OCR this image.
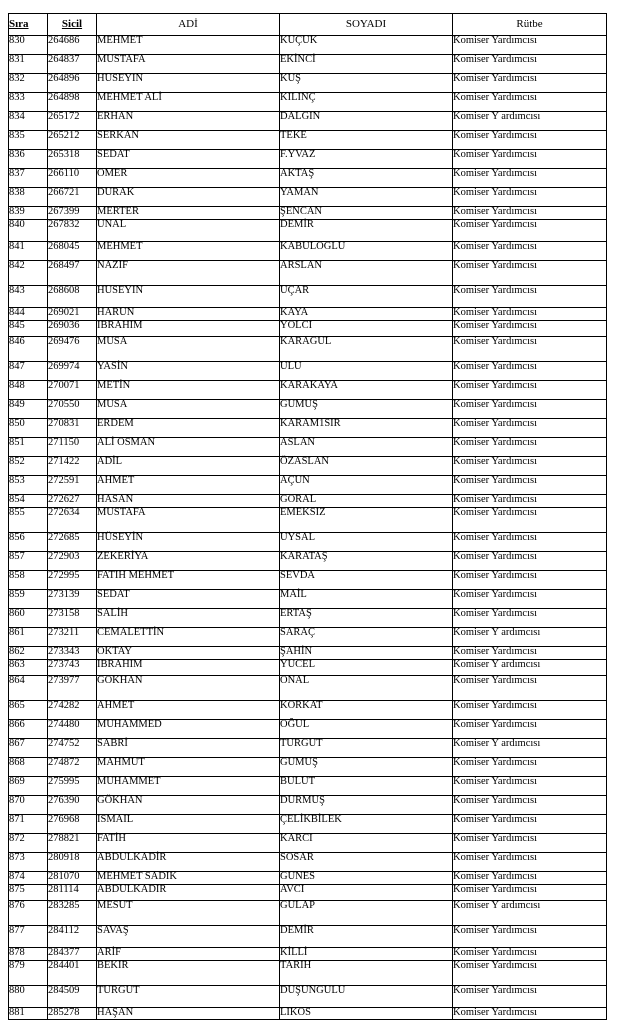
Sıra	Sicil	ADİ	SOYADI	Rütbe

830	264686	MEHMET	KUÇUK	Komiser Yardımcısı

831	264837	MUSTAFA	EKİNCİ	Komiser Yardımcısı

832	264896	HUSEYIN	KUŞ	Komiser Yardımcısı

833	264898	MEHMET ALİ	KILINÇ	Komiser Yardımcısı

834	265172	ERHAN	DALGIN	Komiser Y ardımcısı

835	265212	SERKAN	TEKE	Komiser Yardımcısı

836	265318	SEDAT	F.YVAZ	Komiser Yardımcısı

837	266110	OMER	AKTAŞ	Komiser Yardımcısı

838	266721	DURAK	YAMAN	Komiser Yardımcısı

839	267399	MERTER	ŞENCAN	Komiser Yardımcısı

840	267832	UNAL	DEMİR	Komiser Yardımcısı

841	268045	MEHMET	KABULOGLU	Komiser Yardımcısı

842	268497	NAZIF	ARSLAN	Komiser Yardımcısı

843	268608	HUSEYIN	UÇAR	Komiser Yardımcısı

844	269021	HARUN	KAYA	Komiser Yardımcısı

845	269036	IBRAHIM	YOLCI	Komiser Yardımcısı

846	269476	MUSA	KARAGUL	Komiser Yardımcısı

847	269974	YASİN	ULU	Komiser Yardımcısı

848	270071	METİN	KARAKAYA	Komiser Yardımcısı

849	270550	MUSA	GUMUŞ	Komiser Yardımcısı

850	270831	ERDEM	KARAM1SIR	Komiser Yardımcısı

851	271150	ALİ OSMAN	ASLAN	Komiser Yardımcısı

852	271422	ADİL	ÖZASLAN	Komiser Yardımcısı

853	272591	AHMET	AÇUN	Komiser Yardımcısı

854	272627	HASAN	GORAL	Komiser Yardımcısı

855	272634	MUSTAFA	EMEKSIZ	Komiser Yardımcısı

856	272685	HÜSEYİN	UYSAL	Komiser Yardımcısı

857	272903	ZEKERİYA	KARATAŞ	Komiser Yardımcısı

858	272995	FATIH MEHMET	SEVDA	Komiser Yardımcısı

859	273139	SEDAT	MAİL	Komiser Yardımcısı

860	273158	SALİH	ERTAŞ	Komiser Yardımcısı

861	273211	CEMALETTİN	SARAÇ	Komiser Y ardımcısı

862	273343	OKTAY	ŞAHİN	Komiser Yardımcısı

863	273743	IBRAHIM	YUCEL	Komiser Y ardımcısı

864	273977	GOKHAN	ONAL	Komiser Yardımcısı

865	274282	AHMET	KORKAT	Komiser Yardımcısı

866	274480	MUHAMMED	OĞUL	Komiser Yardımcısı

867	274752	SABRİ	TURGUT	Komiser Y ardımcısı

868	274872	MAHMUT	GUMUŞ	Komiser Yardımcısı

869	275995	MUHAMMET	BULUT	Komiser Yardımcısı

870	276390	GÖKHAN	DURMUŞ	Komiser Yardımcısı

871	276968	ISMAIL	ÇELİKBİLEK	Komiser Yardımcısı

872	278821	FATİH	KARCI	Komiser Yardımcısı

873	280918	ABDULKADİR	SOSAR	Komiser Yardımcısı

874	281070	MEHMET SADIK	GUNES	Komiser Yardımcısı

875	281114	ABDULKADIR	AVCI	Komiser Yardımcısı

876	283285	MESUT	GULAP	Komiser Y ardımcısı

877	284112	SAVAŞ	DEMİR	Komiser Yardımcısı

878	284377	ARİF	KİLLİ	Komiser Yardımcısı

879	284401	BEKIR	TARIH	Komiser Yardımcısı

880	284509	TURGUT	DUŞUNGULU	Komiser Yardımcısı

881	285278	HAŞAN	LIKOS	Komiser Yardımcısı
